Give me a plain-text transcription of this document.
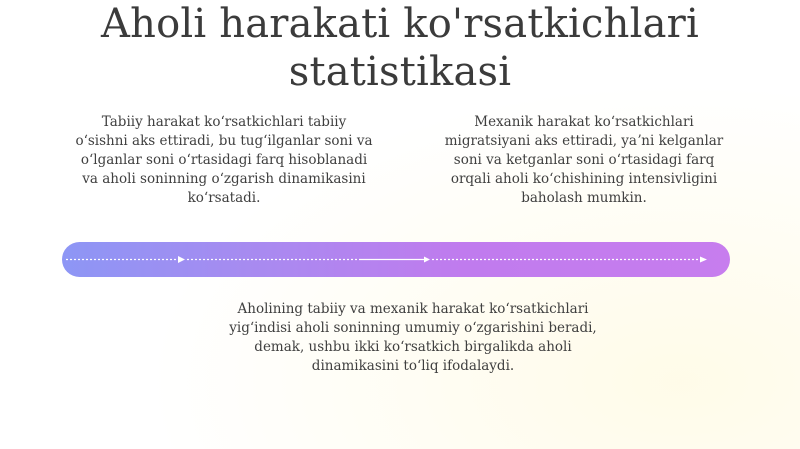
Aholi harakati ko'rsatkichlari statistikasi

Tabiiy harakat koʻrsatkichlari tabiiy oʻsishni aks ettiradi, bu tugʻilganlar soni va oʻlganlar soni oʻrtasidagi farq hisoblanadi va aholi soninning oʻzgarish dinamikasini koʻrsatadi.

Mexanik harakat koʻrsatkichlari migratsiyani aks ettiradi, yaʼni kelganlar soni va ketganlar soni oʻrtasidagi farq orqali aholi koʻchishining intensivligini baholash mumkin.

Aholining tabiiy va mexanik harakat koʻrsatkichlari yigʻindisi aholi soninning umumiy oʻzgarishini beradi, demak, ushbu ikki koʻrsatkich birgalikda aholi dinamikasini toʻliq ifodalaydi.
